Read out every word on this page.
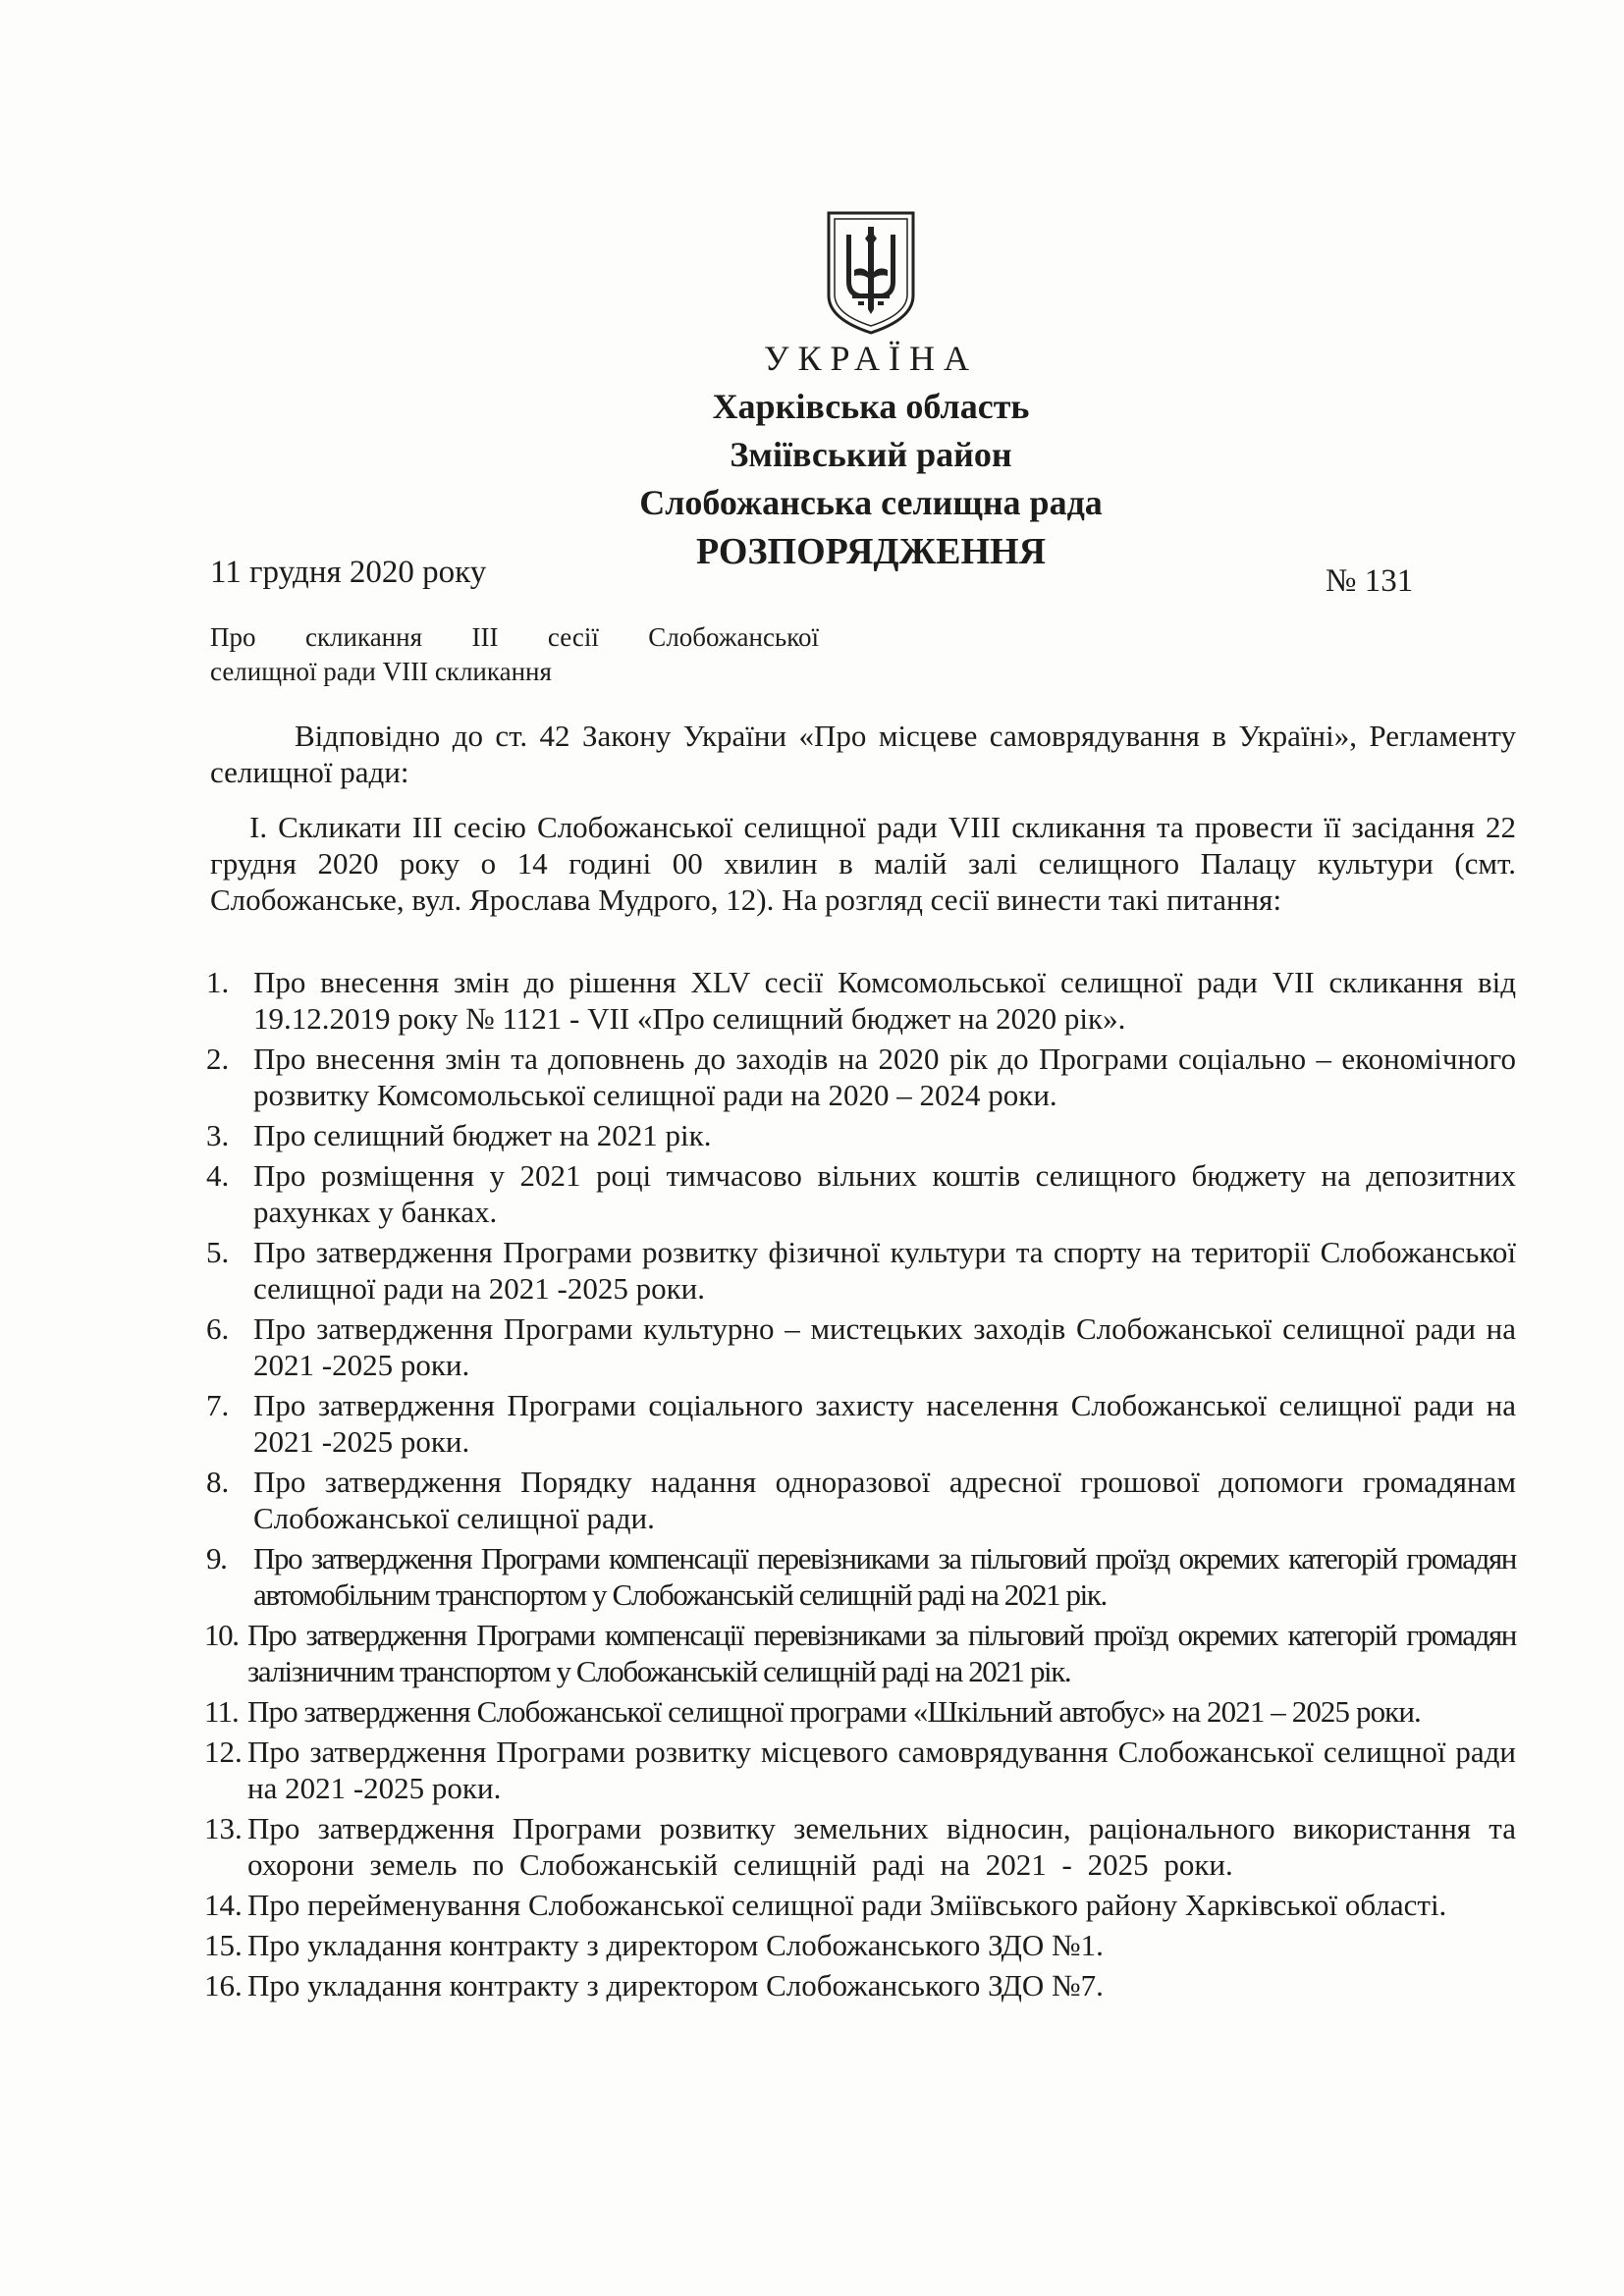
УКРАЇНА
Харківська область
Зміївський район
Слобожанська селищна рада
РОЗПОРЯДЖЕННЯ
11 грудня 2020 року	№ 131
Про скликання III сесії Слобожанської
селищної ради VIII скликання
Відповідно до ст. 42 Закону України «Про місцеве самоврядування в Україні», Регламенту селищної ради:
І. Скликати ІІІ сесію Слобожанської селищної ради VIII скликання та провести її засідання 22 грудня 2020 року о 14 годині 00 хвилин в малій залі селищного Палацу культури (смт. Слобожанське, вул. Ярослава Мудрого, 12). На розгляд сесії винести такі питання:
1. Про внесення змін до рішення XLV сесії Комсомольської селищної ради VII скликання від 19.12.2019 року № 1121 - VII «Про селищний бюджет на 2020 рік».
2. Про внесення змін та доповнень до заходів на 2020 рік до Програми соціально – економічного розвитку Комсомольської селищної ради на 2020 – 2024 роки.
3. Про селищний бюджет на 2021 рік.
4. Про розміщення у 2021 році тимчасово вільних коштів селищного бюджету на депозитних рахунках у банках.
5. Про затвердження Програми розвитку фізичної культури та спорту на території Слобожанської селищної ради на 2021 -2025 роки.
6. Про затвердження Програми культурно – мистецьких заходів Слобожанської селищної ради на 2021 -2025 роки.
7. Про затвердження Програми соціального захисту населення Слобожанської селищної ради на 2021 -2025 роки.
8. Про затвердження Порядку надання одноразової адресної грошової допомоги громадянам Слобожанської селищної ради.
9. Про затвердження Програми компенсації перевізниками за пільговий проїзд окремих категорій громадян автомобільним транспортом у Слобожанській селищній раді на 2021 рік.
10. Про затвердження Програми компенсації перевізниками за пільговий проїзд окремих категорій громадян залізничним транспортом у Слобожанській селищній раді на 2021 рік.
11. Про затвердження Слобожанської селищної програми «Шкільний автобус» на 2021 – 2025 роки.
12. Про затвердження Програми розвитку місцевого самоврядування Слобожанської селищної ради на 2021 -2025 роки.
13. Про затвердження Програми розвитку земельних відносин, раціонального використання та охорони земель по Слобожанській селищній раді на 2021 - 2025 роки.
14. Про перейменування Слобожанської селищної ради Зміївського району Харківської області.
15. Про укладання контракту з директором Слобожанського ЗДО №1.
16. Про укладання контракту з директором Слобожанського ЗДО №7.
